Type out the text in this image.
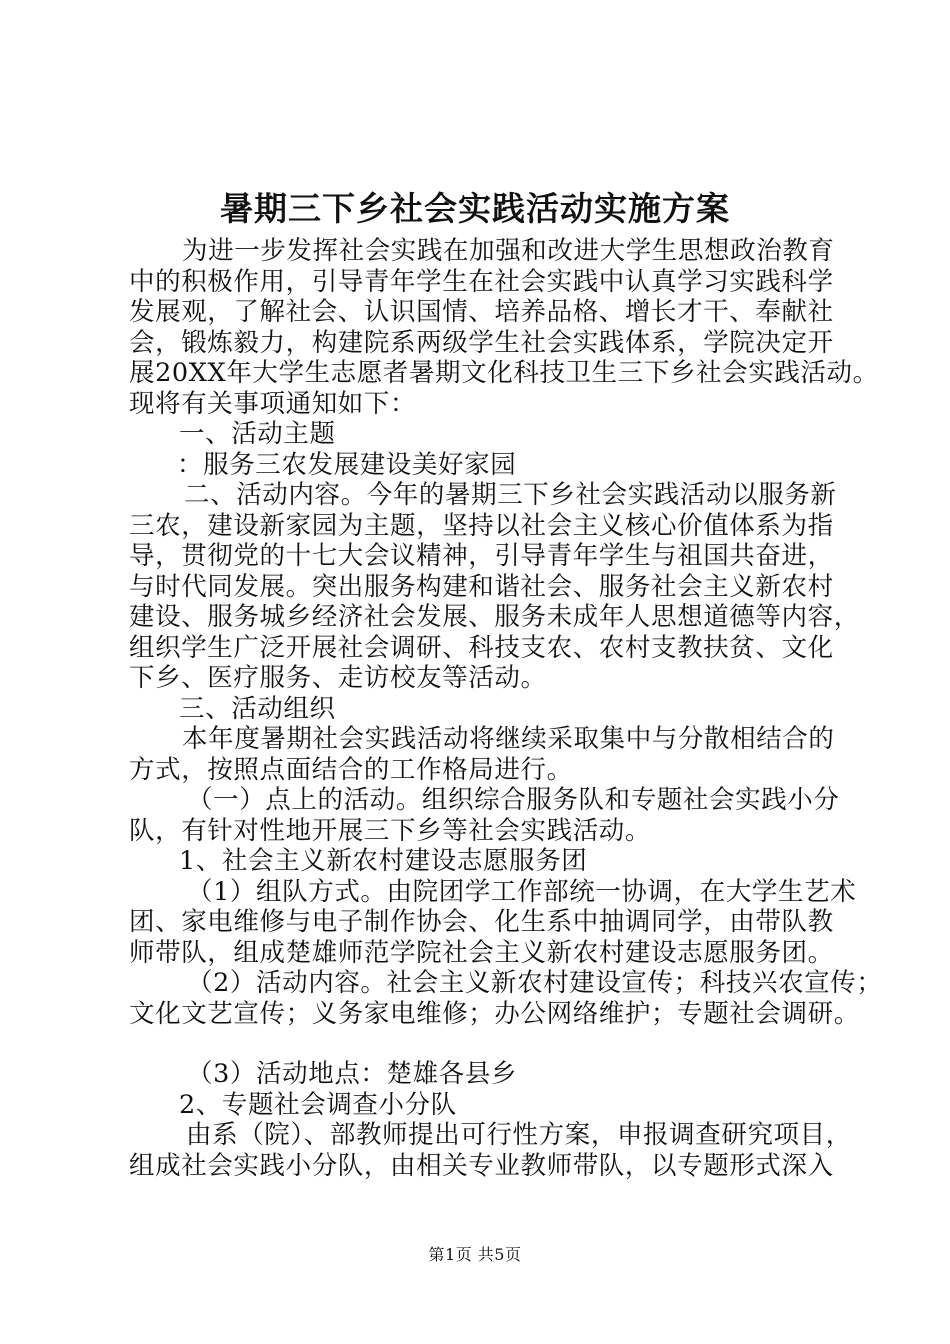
暑期三下乡社会实践活动实施方案
为进一步发挥社会实践在加强和改进大学生思想政治教育
中的积极作用，引导青年学生在社会实践中认真学习实践科学
发展观，了解社会、认识国情、培养品格、增长才干、奉献社
会，锻炼毅力，构建院系两级学生社会实践体系，学院决定开
展20XX年大学生志愿者暑期文化科技卫生三下乡社会实践活动。
现将有关事项通知如下：
一、活动主题
：服务三农发展建设美好家园
二、活动内容。今年的暑期三下乡社会实践活动以服务新
三农，建设新家园为主题，坚持以社会主义核心价值体系为指
导，贯彻党的十七大会议精神，引导青年学生与祖国共奋进，
与时代同发展。突出服务构建和谐社会、服务社会主义新农村
建设、服务城乡经济社会发展、服务未成年人思想道德等内容，
组织学生广泛开展社会调研、科技支农、农村支教扶贫、文化
下乡、医疗服务、走访校友等活动。
三、活动组织
本年度暑期社会实践活动将继续采取集中与分散相结合的
方式，按照点面结合的工作格局进行。
（一）点上的活动。组织综合服务队和专题社会实践小分
队，有针对性地开展三下乡等社会实践活动。
1、社会主义新农村建设志愿服务团
（1）组队方式。由院团学工作部统一协调，在大学生艺术
团、家电维修与电子制作协会、化生系中抽调同学，由带队教
师带队，组成楚雄师范学院社会主义新农村建设志愿服务团。
（2）活动内容。社会主义新农村建设宣传；科技兴农宣传；
文化文艺宣传；义务家电维修；办公网络维护；专题社会调研。
（3）活动地点：楚雄各县乡
2、专题社会调查小分队
由系（院）、部教师提出可行性方案，申报调查研究项目，
组成社会实践小分队，由相关专业教师带队，以专题形式深入
第1页 共5页
